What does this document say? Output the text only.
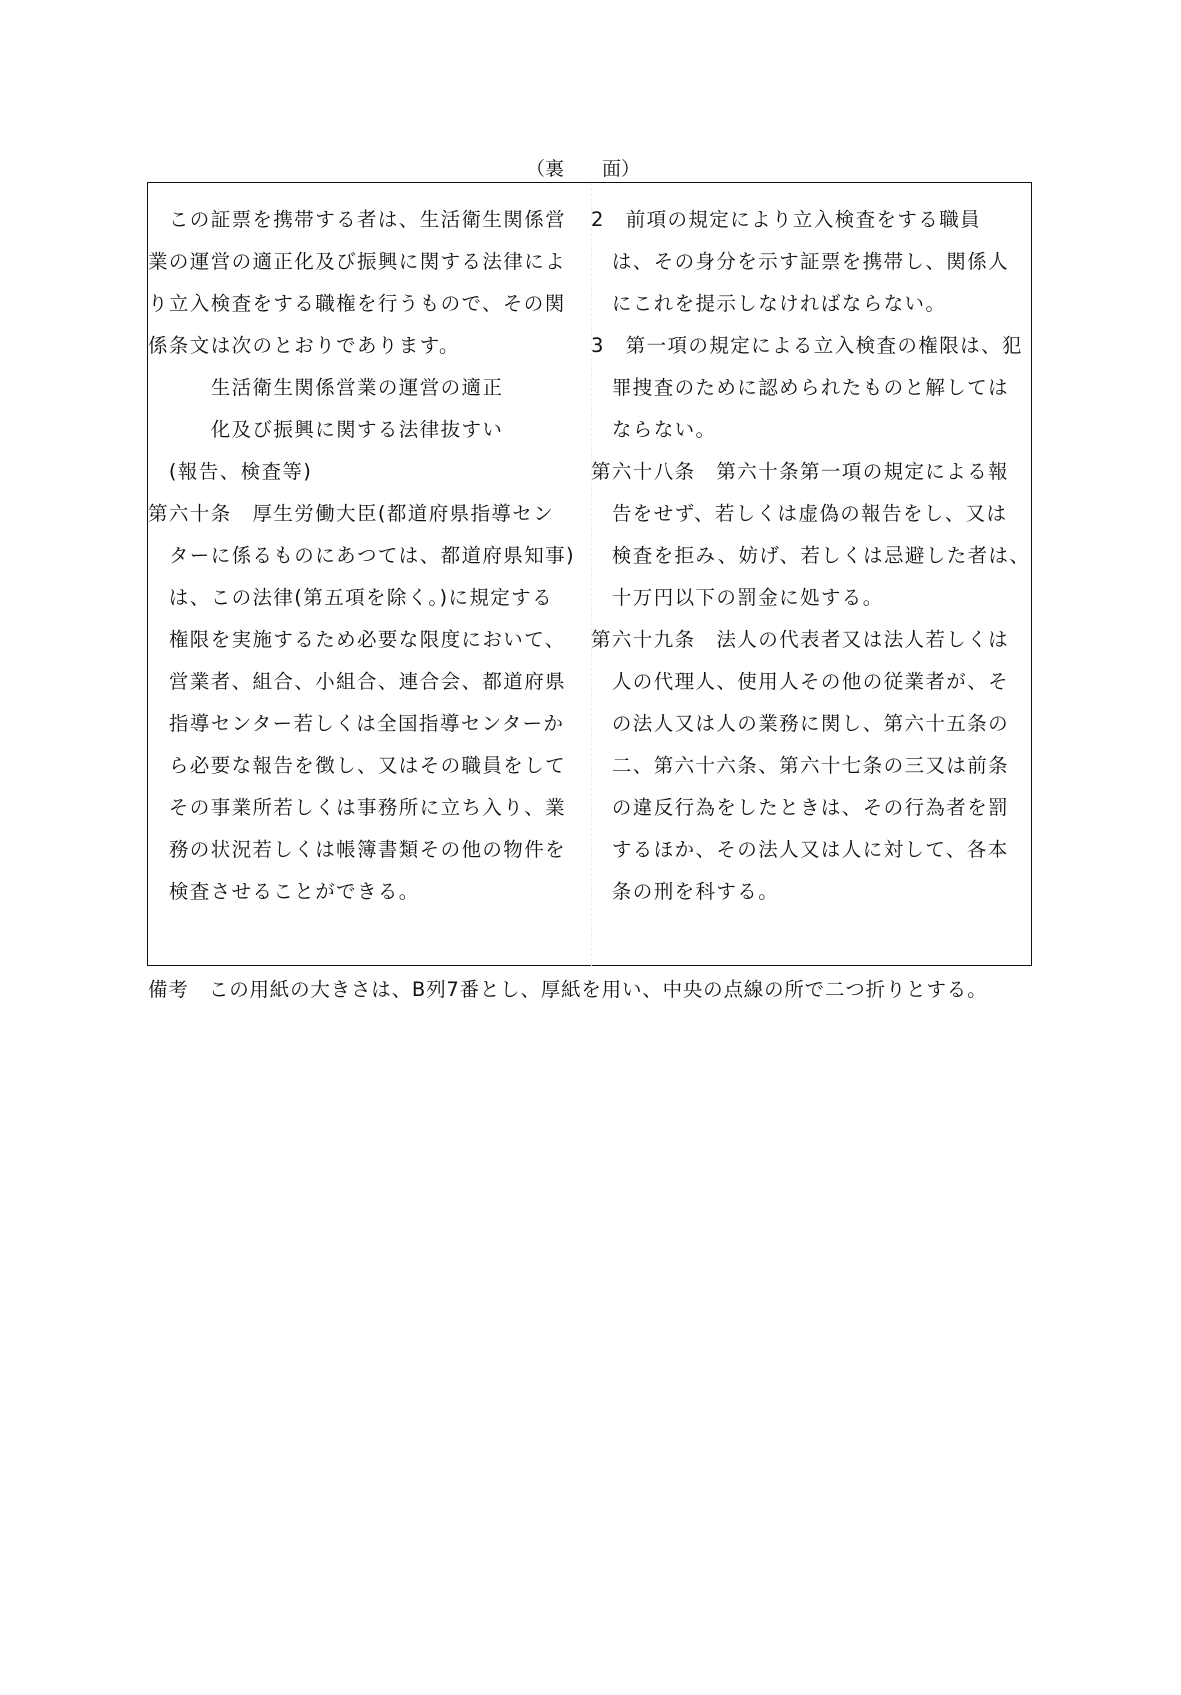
（裏　　面）
　この証票を携帯する者は、生活衛生関係営
業の運営の適正化及び振興に関する法律によ
り立入検査をする職権を行うもので、その関
係条文は次のとおりであります。
　　　生活衛生関係営業の運営の適正
　　　化及び振興に関する法律抜すい
　(報告、検査等)
第六十条　厚生労働大臣(都道府県指導セン
　ターに係るものにあつては、都道府県知事)
　は、この法律(第五項を除く。)に規定する
　権限を実施するため必要な限度において、
　営業者、組合、小組合、連合会、都道府県
　指導センター若しくは全国指導センターか
　ら必要な報告を徴し、又はその職員をして
　その事業所若しくは事務所に立ち入り、業
　務の状況若しくは帳簿書類その他の物件を
　検査させることができる。
2　前項の規定により立入検査をする職員
　は、その身分を示す証票を携帯し、関係人
　にこれを提示しなければならない。
3　第一項の規定による立入検査の権限は、犯
　罪捜査のために認められたものと解しては
　ならない。
第六十八条　第六十条第一項の規定による報
　告をせず、若しくは虚偽の報告をし、又は
　検査を拒み、妨げ、若しくは忌避した者は、
　十万円以下の罰金に処する。
第六十九条　法人の代表者又は法人若しくは
　人の代理人、使用人その他の従業者が、そ
　の法人又は人の業務に関し、第六十五条の
　二、第六十六条、第六十七条の三又は前条
　の違反行為をしたときは、その行為者を罰
　するほか、その法人又は人に対して、各本
　条の刑を科する。
備考　この用紙の大きさは、B列7番とし、厚紙を用い、中央の点線の所で二つ折りとする。
